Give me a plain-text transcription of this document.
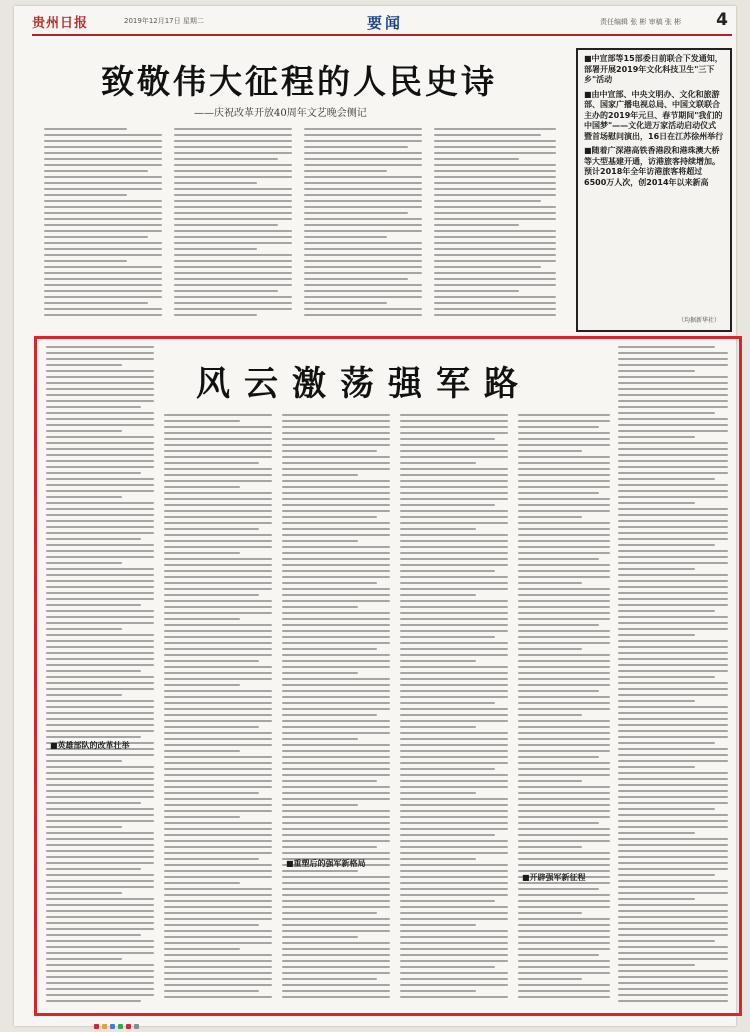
贵州日报	2019年12月17日 星期二	要闻	责任编辑 张 彬 审稿 张 彬 4
致敬伟大征程的人民史诗
——庆祝改革开放40周年文艺晚会侧记

■中宣部等15部委日前联合下发通知，部署开展2019年文化科技卫生"三下乡"活动

■由中宣部、中央文明办、文化和旅游部、国家广播电视总局、中国文联联合主办的2019年元旦、春节期间"我们的中国梦"——文化进万家活动启动仪式暨首场慰问演出，16日在江苏徐州举行

■随着广深港高铁香港段和港珠澳大桥等大型基建开通，访港旅客持续增加。预计2018年全年访港旅客将超过6500万人次，创2014年以来新高

（均据新华社）
风云激荡强军路
■英雄部队的改革壮举
■重塑后的强军新格局
■开辟强军新征程
